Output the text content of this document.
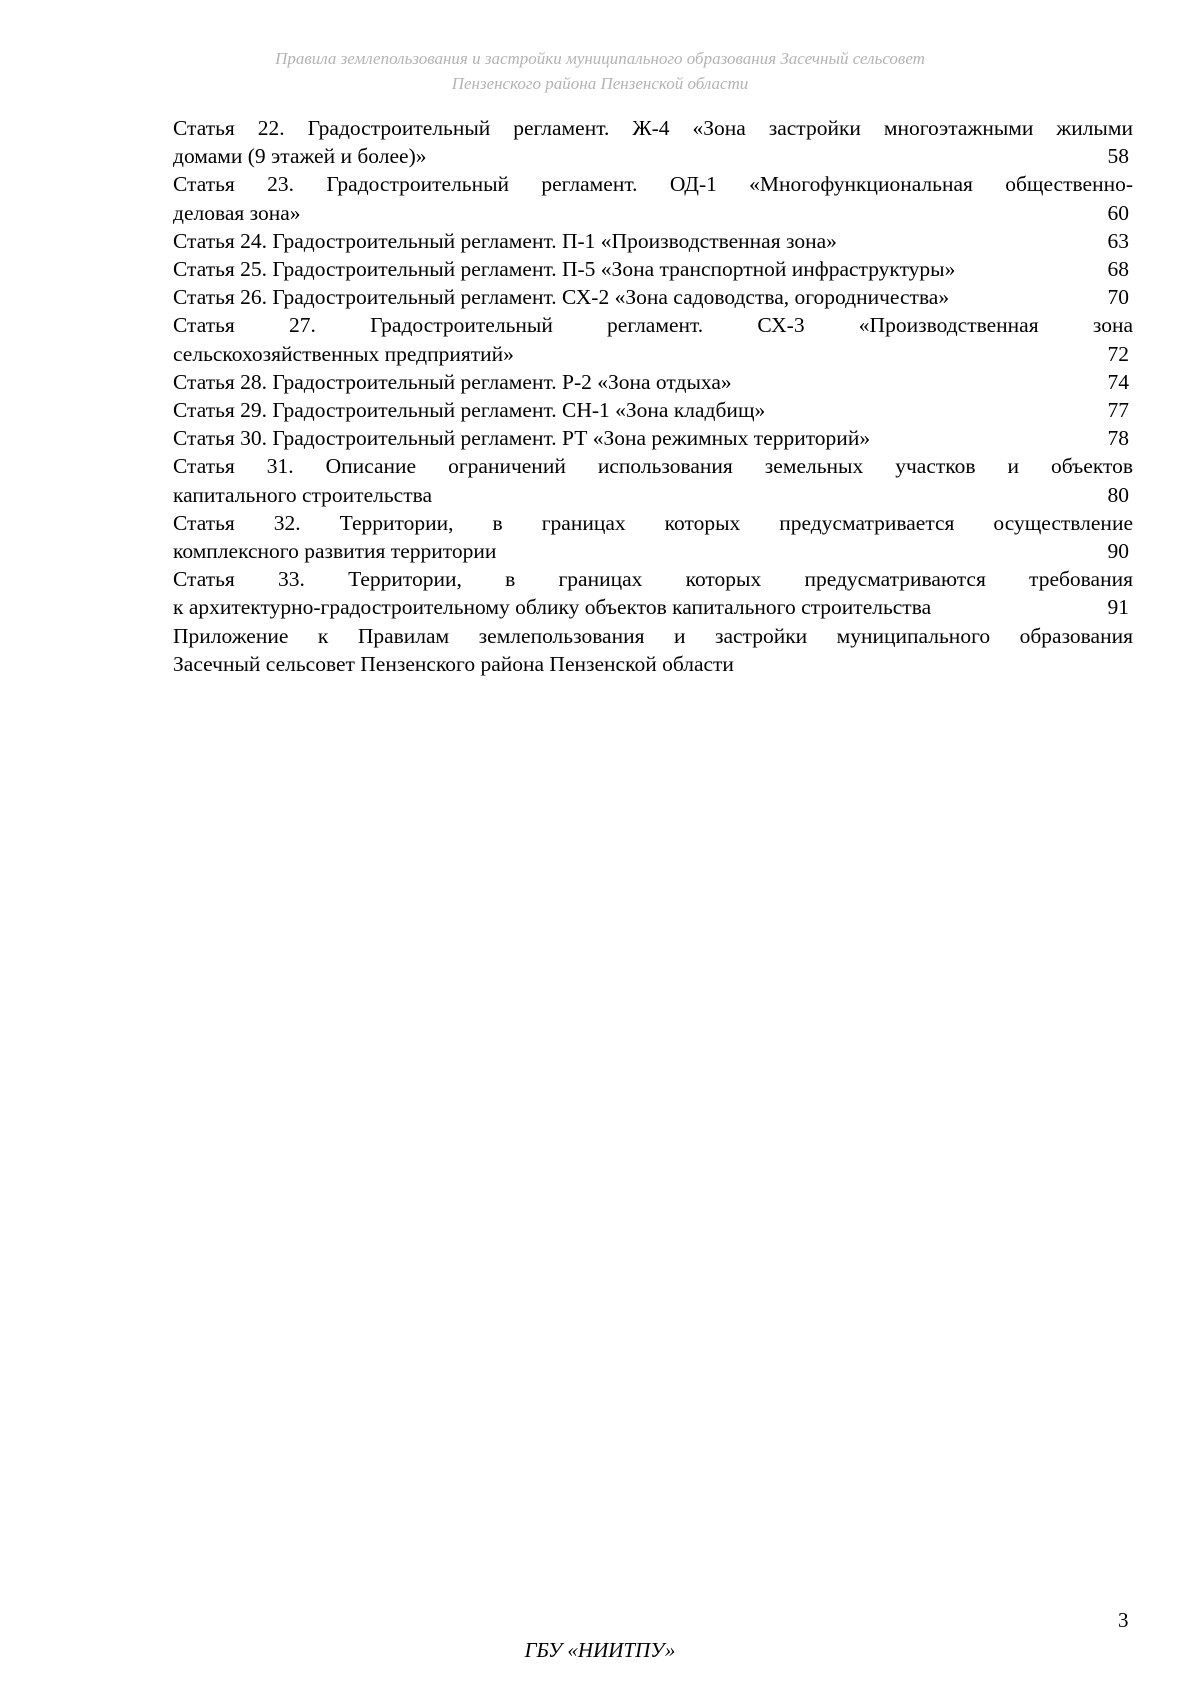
Правила землепользования и застройки муниципального образования Засечный сельсовет
Пензенского района Пензенской области
Статья 22. Градостроительный регламент. Ж-4 «Зона застройки многоэтажными жилыми
домами (9 этажей и более)»	58
Статья 23. Градостроительный регламент. ОД-1 «Многофункциональная общественно-
деловая зона»	60
Статья 24. Градостроительный регламент. П-1 «Производственная зона»	63
Статья 25. Градостроительный регламент. П-5 «Зона транспортной инфраструктуры»	68
Статья 26. Градостроительный регламент. СХ-2 «Зона садоводства, огородничества»	70
Статья 27. Градостроительный регламент. СХ-3 «Производственная зона
сельскохозяйственных предприятий»	72
Статья 28. Градостроительный регламент. Р-2 «Зона отдыха»	74
Статья 29. Градостроительный регламент. СН-1 «Зона кладбищ»	77
Статья 30. Градостроительный регламент. РТ «Зона режимных территорий»	78
Статья 31. Описание ограничений использования земельных участков и объектов
капитального строительства	80
Статья 32. Территории, в границах которых предусматривается осуществление
комплексного развития территории	90
Статья 33. Территории, в границах которых предусматриваются требования
к архитектурно-градостроительному облику объектов капитального строительства	91
Приложение к Правилам землепользования и застройки муниципального образования
Засечный сельсовет Пензенского района Пензенской области
3
ГБУ «НИИТПУ»
